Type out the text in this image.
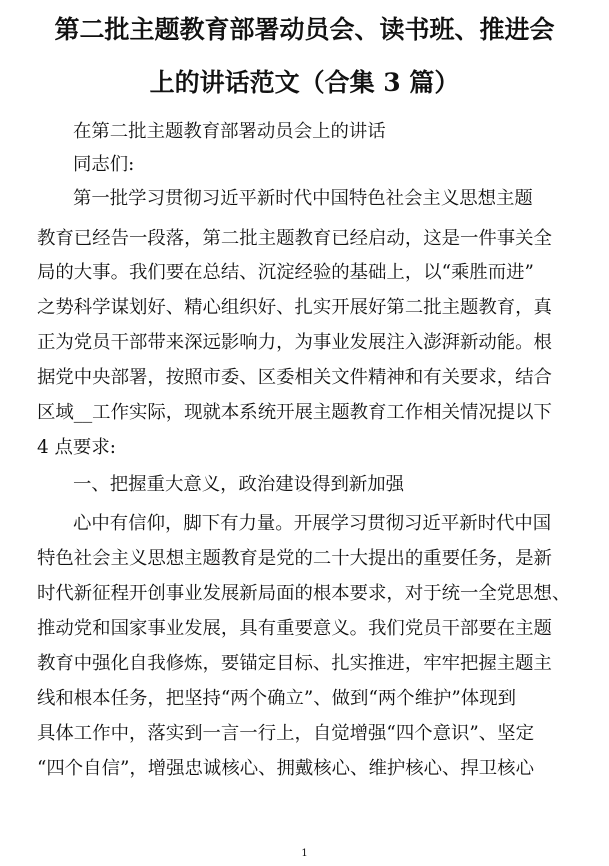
第二批主题教育部署动员会、读书班、推进会
上的讲话范文（合集 3 篇）
在第二批主题教育部署动员会上的讲话
同志们:
第一批学习贯彻习近平新时代中国特色社会主义思想主题
教育已经告一段落，第二批主题教育已经启动，这是一件事关全
局的大事。我们要在总结、沉淀经验的基础上，以“乘胜而进”
之势科学谋划好、精心组织好、扎实开展好第二批主题教育，真
正为党员干部带来深远影响力，为事业发展注入澎湃新动能。根
据党中央部署，按照市委、区委相关文件精神和有关要求，结合
区域__工作实际，现就本系统开展主题教育工作相关情况提以下
4 点要求:
一、把握重大意义，政治建设得到新加强
心中有信仰，脚下有力量。开展学习贯彻习近平新时代中国
特色社会主义思想主题教育是党的二十大提出的重要任务，是新
时代新征程开创事业发展新局面的根本要求，对于统一全党思想、
推动党和国家事业发展，具有重要意义。我们党员干部要在主题
教育中强化自我修炼，要锚定目标、扎实推进，牢牢把握主题主
线和根本任务，把坚持“两个确立”、做到“两个维护”体现到
具体工作中，落实到一言一行上，自觉增强“四个意识”、坚定
“四个自信”，增强忠诚核心、拥戴核心、维护核心、捍卫核心
1
